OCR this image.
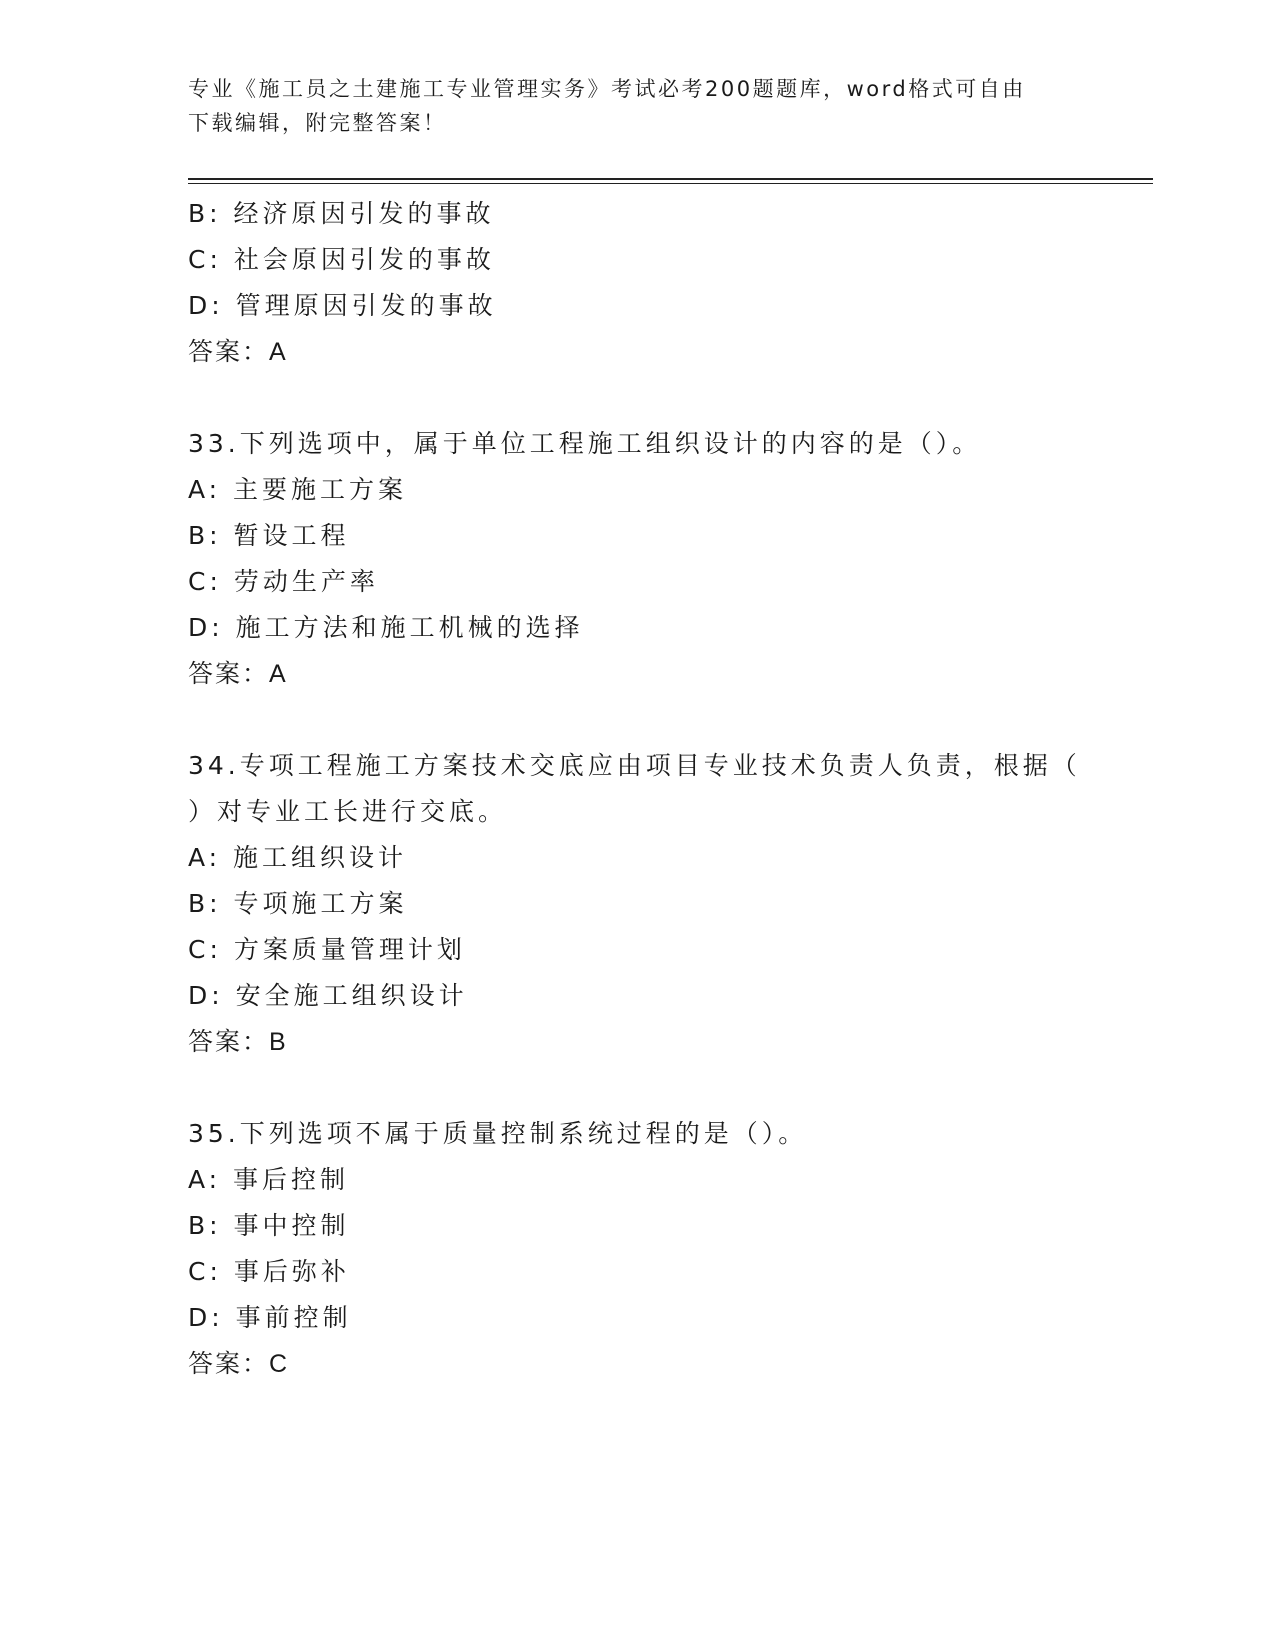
专业《施工员之土建施工专业管理实务》考试必考200题题库，word格式可自由
下载编辑，附完整答案！
B: 经济原因引发的事故
C: 社会原因引发的事故
D: 管理原因引发的事故
答案：A
33.下列选项中，属于单位工程施工组织设计的内容的是（）。
A: 主要施工方案
B: 暂设工程
C: 劳动生产率
D: 施工方法和施工机械的选择
答案：A
34.专项工程施工方案技术交底应由项目专业技术负责人负责，根据（
）对专业工长进行交底。
A: 施工组织设计
B: 专项施工方案
C: 方案质量管理计划
D: 安全施工组织设计
答案：B
35.下列选项不属于质量控制系统过程的是（）。
A: 事后控制
B: 事中控制
C: 事后弥补
D: 事前控制
答案：C
